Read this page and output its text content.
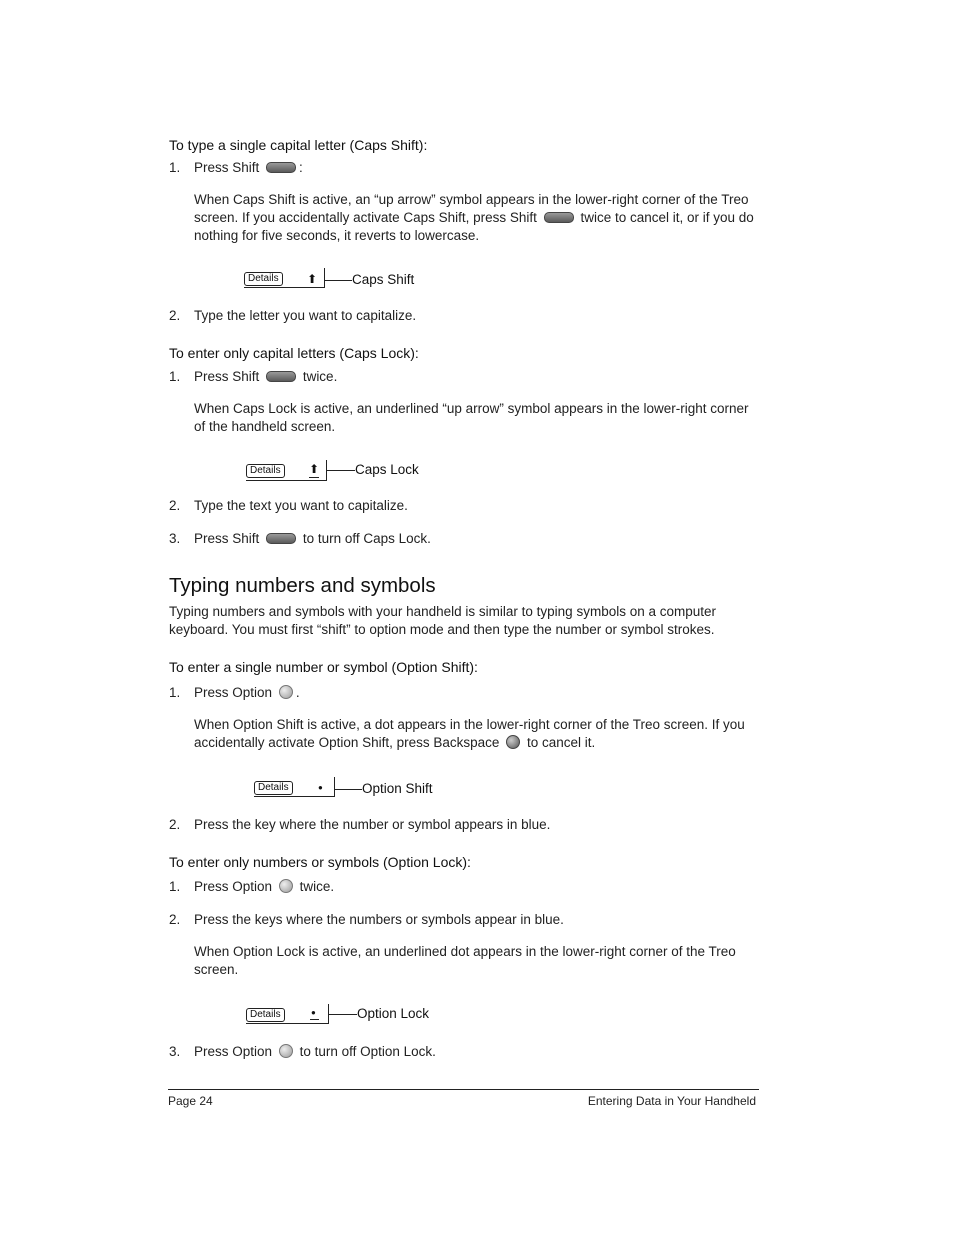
To type a single capital letter (Caps Shift):
1. Press Shift	:
When Caps Shift is active, an “up arrow” symbol appears in the lower-right corner of the Treo screen. If you accidentally activate Caps Shift, press Shift	twice to cancel it, or if you do nothing for five seconds, it reverts to lowercase.
Details	⬆	Caps Shift
2. Type the letter you want to capitalize.
To enter only capital letters (Caps Lock):
1. Press Shift	twice.
When Caps Lock is active, an underlined “up arrow” symbol appears in the lower-right corner of the handheld screen.
Details	⬆	Caps Lock
2. Type the text you want to capitalize.
3. Press Shift	to turn off Caps Lock.
Typing numbers and symbols
Typing numbers and symbols with your handheld is similar to typing symbols on a computer keyboard. You must first “shift” to option mode and then type the number or symbol strokes.
To enter a single number or symbol (Option Shift):
1. Press Option .
When Option Shift is active, a dot appears in the lower-right corner of the Treo screen. If you accidentally activate Option Shift, press Backspace to cancel it.
Details	●	Option Shift
2. Press the key where the number or symbol appears in blue.
To enter only numbers or symbols (Option Lock):
1. Press Option twice.
2. Press the keys where the numbers or symbols appear in blue.
When Option Lock is active, an underlined dot appears in the lower-right corner of the Treo screen.
Details	●	Option Lock
3. Press Option to turn off Option Lock.
Page 24	Entering Data in Your Handheld
